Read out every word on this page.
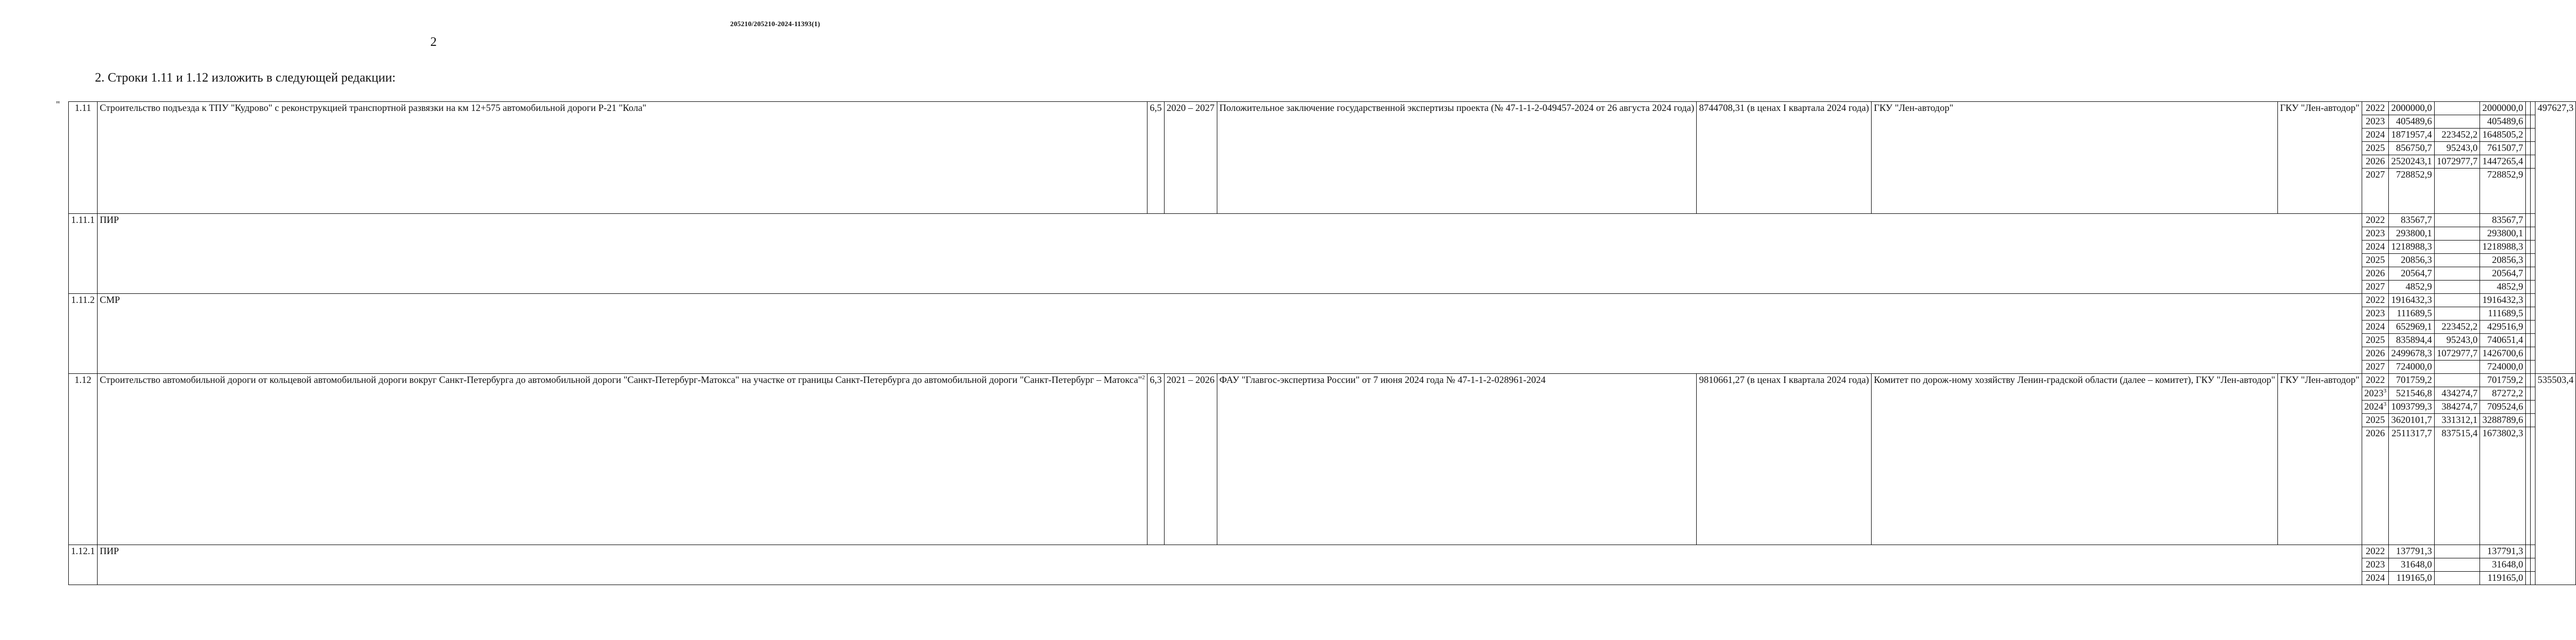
205210/205210-2024-11393(1)
2
2. Строки 1.11 и 1.12 изложить в следующей редакции:
" 1.11	Строительство подъезда к ТПУ "Кудрово" с реконструкцией транспортной развязки на км 12+575 автомобильной дороги Р-21 "Кола"	6,5	2020 – 2027	Положительное заключение государственной экспертизы проекта (№ 47-1-1-2-049457-2024 от 26 августа 2024 года)	8744708,31 (в ценах I квартала 2024 года)	ГКУ "Лен-автодор"	ГКУ "Лен-автодор"	2022	2000000,0		2000000,0			497627,3
								2023	405489,6		405489,6			
								2024	1871957,4	223452,2	1648505,2			
								2025	856750,7	95243,0	761507,7			
								2026	2520243,1	1072977,7	1447265,4			
								2027	728852,9		728852,9			
1.11.1	ПИР							2022	83567,7		83567,7			
								2023	293800,1		293800,1			
								2024	1218988,3		1218988,3			
								2025	20856,3		20856,3			
								2026	20564,7		20564,7			
								2027	4852,9		4852,9			
1.11.2	СМР							2022	1916432,3		1916432,3			
								2023	111689,5		111689,5			
								2024	652969,1	223452,2	429516,9			
								2025	835894,4	95243,0	740651,4			
								2026	2499678,3	1072977,7	1426700,6			
								2027	724000,0		724000,0			
1.12	Строительство автомобильной дороги от кольцевой автомобильной дороги вокруг Санкт-Петербурга до автомобильной дороги "Санкт-Петербург-Матокса" на участке от границы Санкт-Петербурга до автомобильной дороги "Санкт-Петербург – Матокса"$^2$	6,3	2021 – 2026	ФАУ "Главгос-экспертиза России" от 7 июня 2024 года № 47-1-1-2-028961-2024	9810661,27 (в ценах I квартала 2024 года)	Комитет по дорож-ному хозяйству Ленин-градской области (далее – комитет), ГКУ "Лен-автодор"	ГКУ "Лен-автодор"	2022	701759,2		701759,2			535503,4
								2023$^3$	521546,8	434274,7	87272,2			
								2024$^3$	1093799,3	384274,7	709524,6			
								2025	3620101,7	331312,1	3288789,6			
								2026	2511317,7	837515,4	1673802,3			
1.12.1	ПИР							2022	137791,3		137791,3			
								2023	31648,0		31648,0			
								2024	119165,0		119165,0			
